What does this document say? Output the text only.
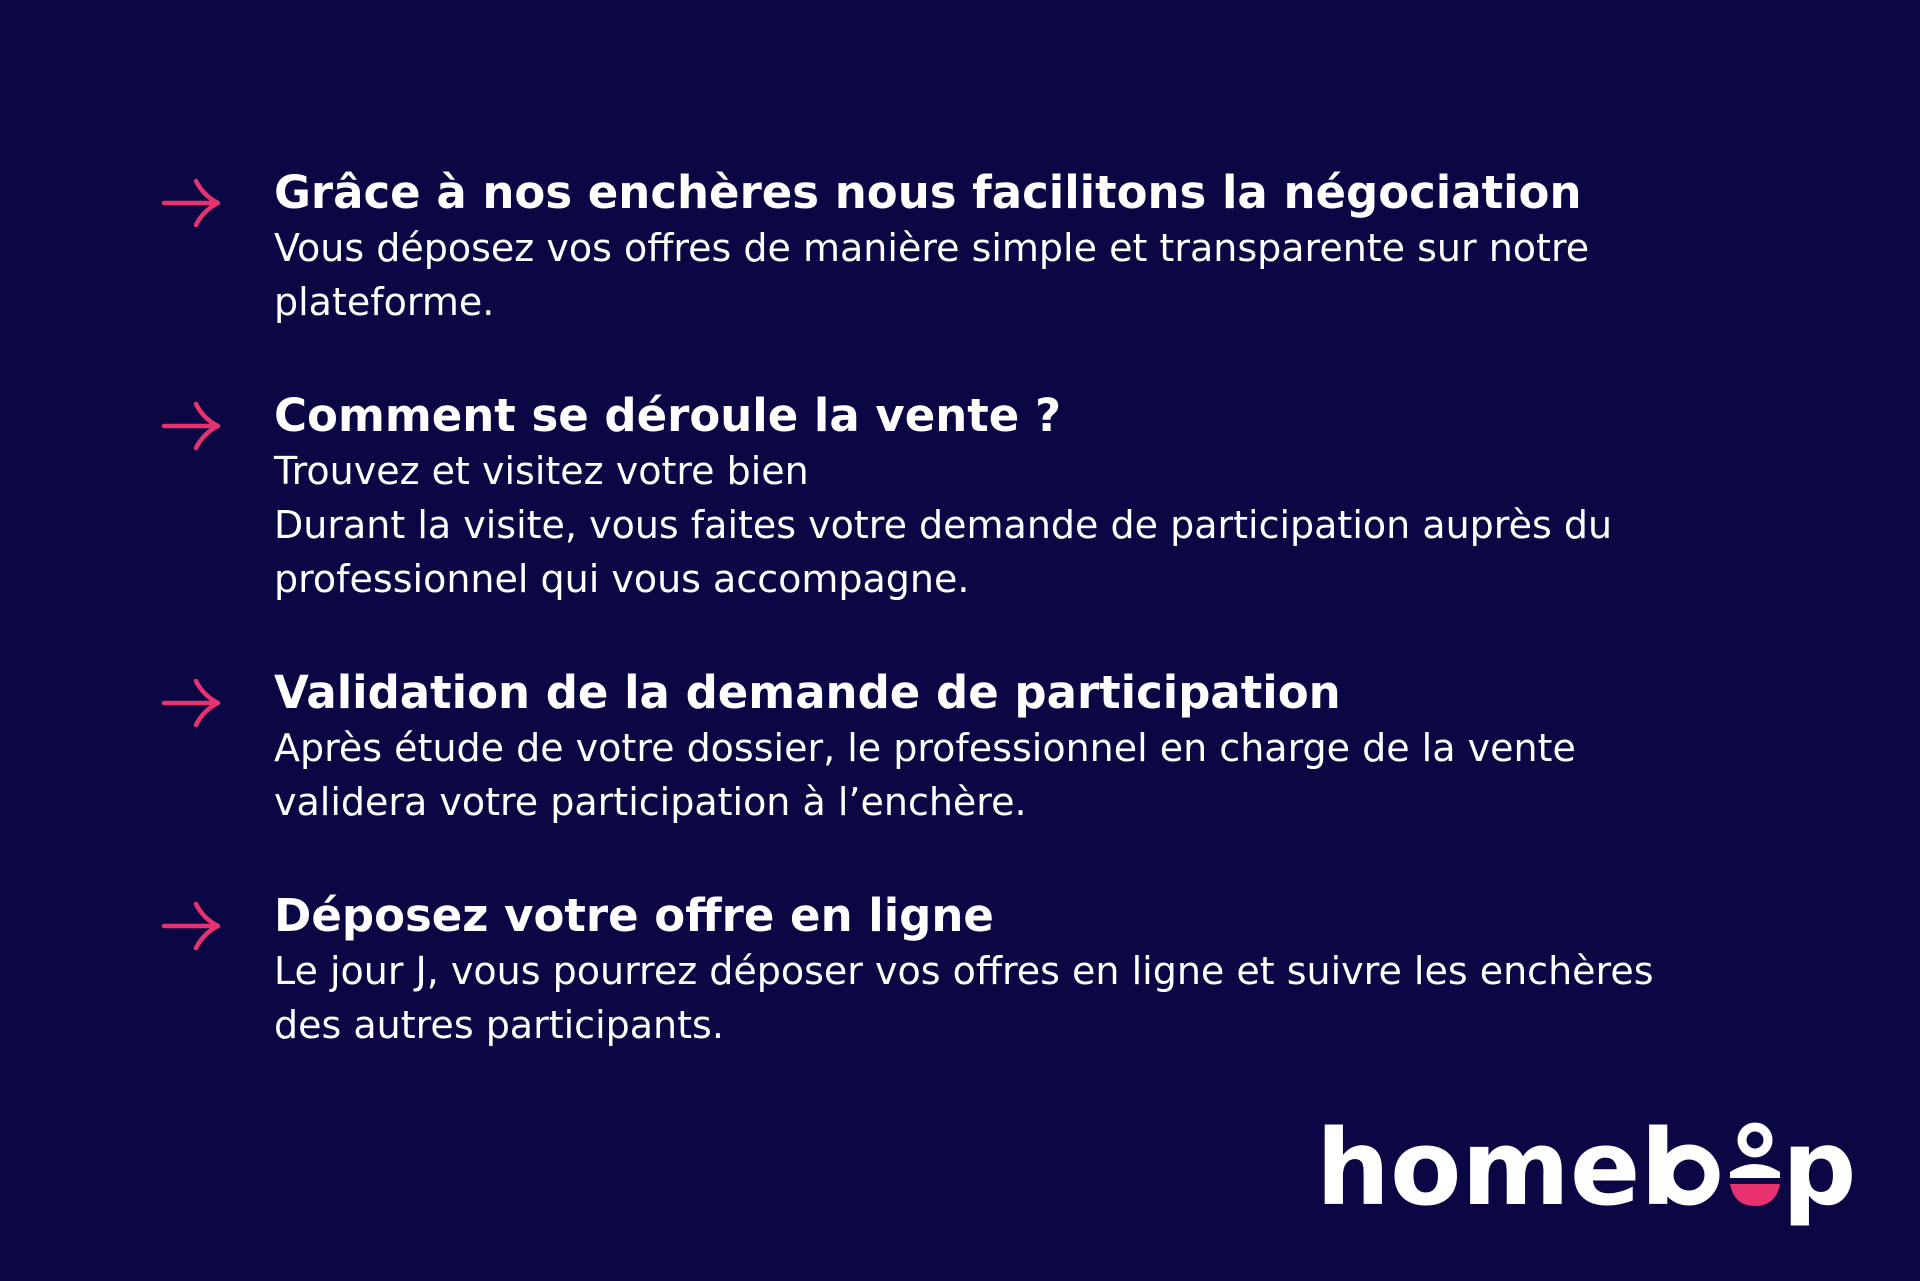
Grâce à nos enchères nous facilitons la négociation

Vous déposez vos offres de manière simple et transparente sur notre plateforme.

Comment se déroule la vente ?

Trouvez et visitez votre bien
Durant la visite, vous faites votre demande de participation auprès du professionnel qui vous accompagne.

Validation de la demande de participation

Après étude de votre dossier, le professionnel en charge de la vente validera votre participation à l’enchère.

Déposez votre offre en ligne

Le jour J, vous pourrez déposer vos offres en ligne et suivre les enchères des autres participants.

homel p
